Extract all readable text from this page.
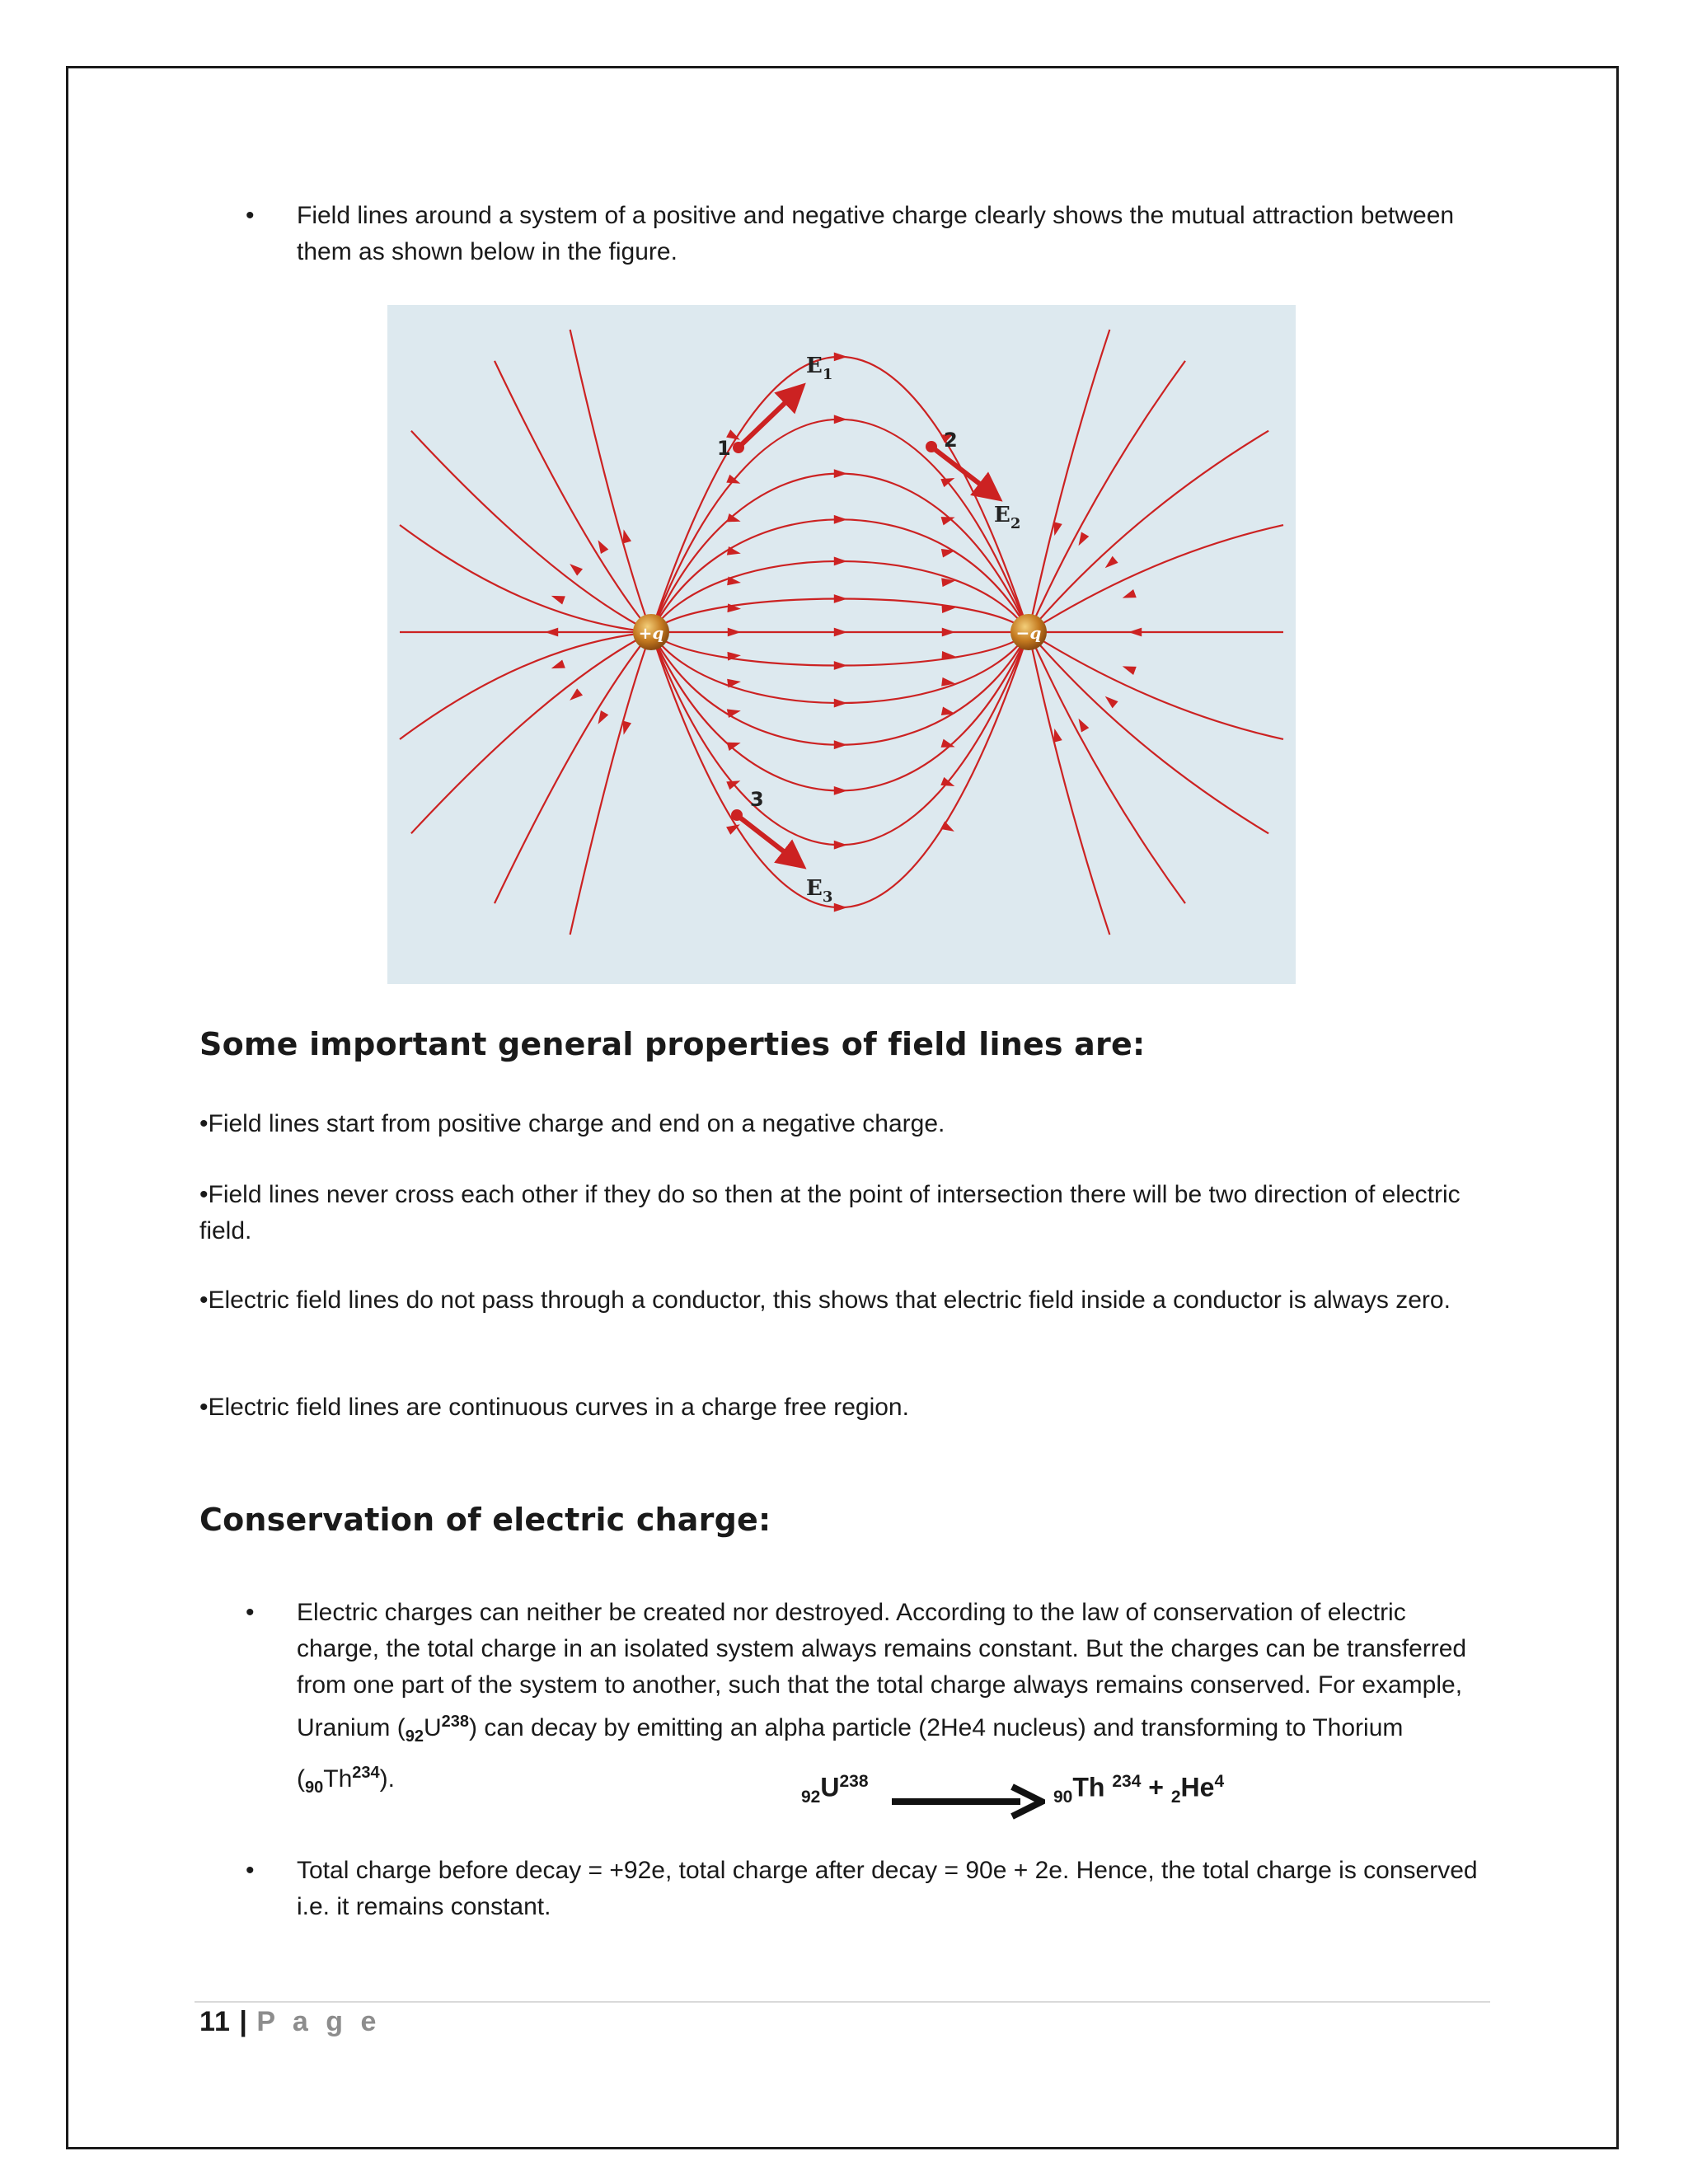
• Field lines around a system of a positive and negative charge clearly shows the mutual attraction between them as shown below in the figure.
+q	−q
1
$E_1$
2
$E_2$
3
$E_3$
Some important general properties of field lines are:
•Field lines start from positive charge and end on a negative charge.
•Field lines never cross each other if they do so then at the point of intersection there will be two direction of electric field.
•Electric field lines do not pass through a conductor, this shows that electric field inside a conductor is always zero.
•Electric field lines are continuous curves in a charge free region.
Conservation of electric charge:
• Electric charges can neither be created nor destroyed. According to the law of conservation of electric charge, the total charge in an isolated system always remains constant. But the charges can be transferred from one part of the system to another, such that the total charge always remains conserved. For example, Uranium $(_{92}U^{238})$ can decay by emitting an alpha particle (2He4 nucleus) and transforming to Thorium $(_{90}Th^{234})$.
$_{92}U^{238}$
$_{90}$Th $^{234} + _2He^4$
• Total charge before decay = +92e, total charge after decay = 90e + 2e. Hence, the total charge is conserved i.e. it remains constant.
11 | P a g e
